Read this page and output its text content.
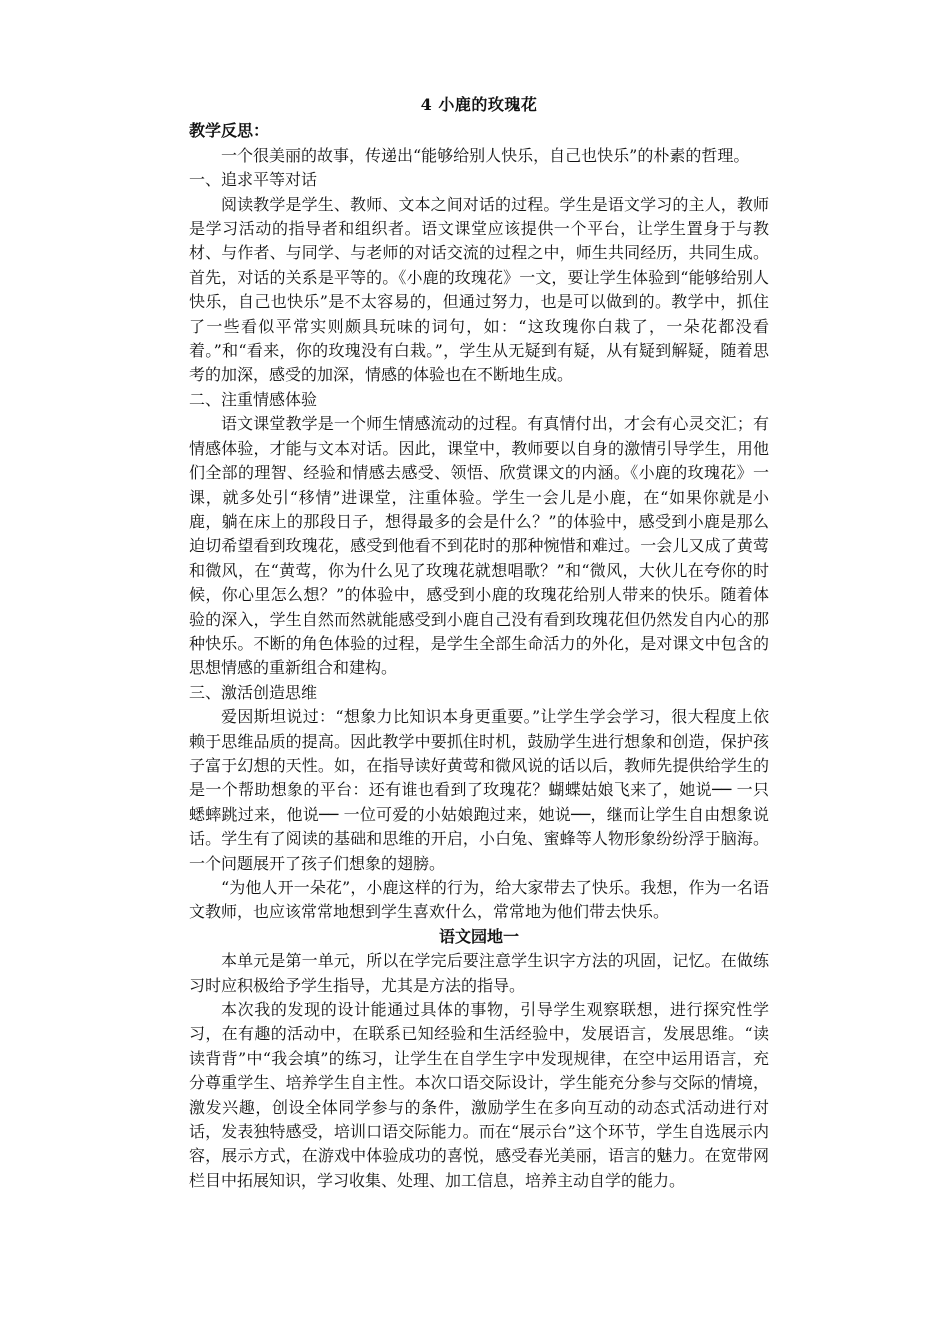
4 小鹿的玫瑰花

教学反思：

一个很美丽的故事，传递出“能够给别人快乐，自己也快乐”的朴素的哲理。

一、追求平等对话

阅读教学是学生、教师、文本之间对话的过程。学生是语文学习的主人，教师是学习活动的指导者和组织者。语文课堂应该提供一个平台，让学生置身于与教材、与作者、与同学、与老师的对话交流的过程之中，师生共同经历，共同生成。首先，对话的关系是平等的。《小鹿的玫瑰花》一文，要让学生体验到“能够给别人快乐，自己也快乐”是不太容易的，但通过努力，也是可以做到的。教学中，抓住了一些看似平常实则颇具玩味的词句，如：“这玫瑰你白栽了，一朵花都没看着。”和“看来，你的玫瑰没有白栽。”，学生从无疑到有疑，从有疑到解疑，随着思考的加深，感受的加深，情感的体验也在不断地生成。

二、注重情感体验

语文课堂教学是一个师生情感流动的过程。有真情付出，才会有心灵交汇；有情感体验，才能与文本对话。因此，课堂中，教师要以自身的激情引导学生，用他们全部的理智、经验和情感去感受、领悟、欣赏课文的内涵。《小鹿的玫瑰花》一课，就多处引“移情”进课堂，注重体验。学生一会儿是小鹿，在“如果你就是小鹿，躺在床上的那段日子，想得最多的会是什么？”的体验中，感受到小鹿是那么迫切希望看到玫瑰花，感受到他看不到花时的那种惋惜和难过。一会儿又成了黄莺和微风，在“黄莺，你为什么见了玫瑰花就想唱歌？”和“微风，大伙儿在夸你的时候，你心里怎么想？”的体验中，感受到小鹿的玫瑰花给别人带来的快乐。随着体验的深入，学生自然而然就能感受到小鹿自己没有看到玫瑰花但仍然发自内心的那种快乐。不断的角色体验的过程，是学生全部生命活力的外化，是对课文中包含的思想情感的重新组合和建构。

三、激活创造思维

爱因斯坦说过：“想象力比知识本身更重要。”让学生学会学习，很大程度上依赖于思维品质的提高。因此教学中要抓住时机，鼓励学生进行想象和创造，保护孩子富于幻想的天性。如，在指导读好黄莺和微风说的话以后，教师先提供给学生的是一个帮助想象的平台：还有谁也看到了玫瑰花？蝴蝶姑娘飞来了，她说── 一只蟋蟀跳过来，他说── 一位可爱的小姑娘跑过来，她说──，继而让学生自由想象说话。学生有了阅读的基础和思维的开启，小白兔、蜜蜂等人物形象纷纷浮于脑海。一个问题展开了孩子们想象的翅膀。

“为他人开一朵花”，小鹿这样的行为，给大家带去了快乐。我想，作为一名语文教师，也应该常常地想到学生喜欢什么，常常地为他们带去快乐。

语文园地一

本单元是第一单元，所以在学完后要注意学生识字方法的巩固，记忆。在做练习时应积极给予学生指导，尤其是方法的指导。

本次我的发现的设计能通过具体的事物，引导学生观察联想，进行探究性学习，在有趣的活动中，在联系已知经验和生活经验中，发展语言，发展思维。“读读背背”中“我会填”的练习，让学生在自学生字中发现规律，在空中运用语言，充分尊重学生、培养学生自主性。本次口语交际设计，学生能充分参与交际的情境，激发兴趣，创设全体同学参与的条件，激励学生在多向互动的动态式活动进行对话，发表独特感受，培训口语交际能力。而在“展示台”这个环节，学生自选展示内容，展示方式，在游戏中体验成功的喜悦，感受春光美丽，语言的魅力。在宽带网栏目中拓展知识，学习收集、处理、加工信息，培养主动自学的能力。
